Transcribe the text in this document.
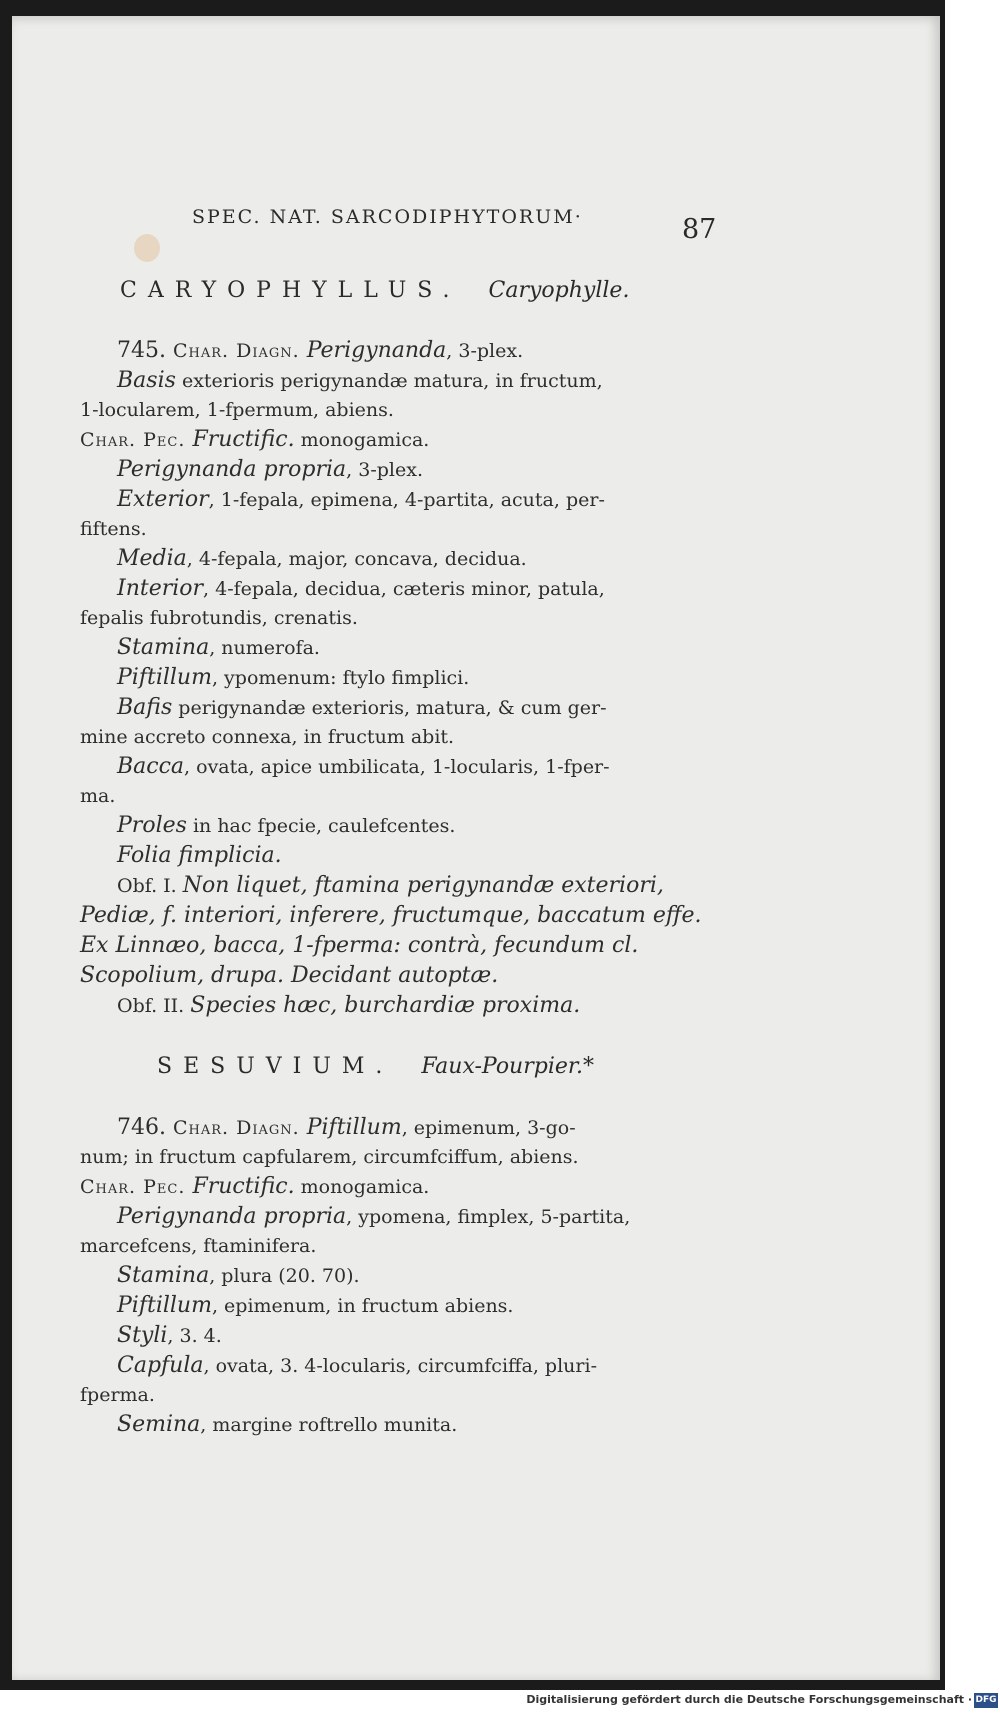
SPEC. NAT. SARCODIPHYTORUM·	87
CARYOPHYLLUS. Caryophylle.
745. Char. Diagn. Perigynanda, 3-plex.
Basis exterioris perigynandæ matura, in fructum,
1-locularem, 1-fpermum, abiens.
Char. Pec. Fructific. monogamica.
Perigynanda propria, 3-plex.
Exterior, 1-fepala, epimena, 4-partita, acuta, per-
fiftens.
Media, 4-fepala, major, concava, decidua.
Interior, 4-fepala, decidua, cæteris minor, patula,
fepalis fubrotundis, crenatis.
Stamina, numerofa.
Piftillum, ypomenum: ftylo fimplici.
Bafis perigynandæ exterioris, matura, & cum ger-
mine accreto connexa, in fructum abit.
Bacca, ovata, apice umbilicata, 1-locularis, 1-fper-
ma.
Proles in hac fpecie, caulefcentes.
Folia fimplicia.
Obf. I. Non liquet, ftamina perigynandæ exteriori,
Pediæ, f. interiori, inferere, fructumque, baccatum effe.
Ex Linnæo, bacca, 1-fperma: contrà, fecundum cl.
Scopolium, drupa. Decidant autoptæ.
Obf. II. Species hæc, burchardiæ proxima.
SESUVIUM. Faux-Pourpier.*
746. Char. Diagn. Piftillum, epimenum, 3-go-
num; in fructum capfularem, circumfciffum, abiens.
Char. Pec. Fructific. monogamica.
Perigynanda propria, ypomena, fimplex, 5-partita,
marcefcens, ftaminifera.
Stamina, plura (20. 70).
Piftillum, epimenum, in fructum abiens.
Styli, 3. 4.
Capfula, ovata, 3. 4-locularis, circumfciffa, pluri-
fperma.
Semina, margine roftrello munita.
Digitalisierung gefördert durch die Deutsche Forschungsgemeinschaft · DFG
